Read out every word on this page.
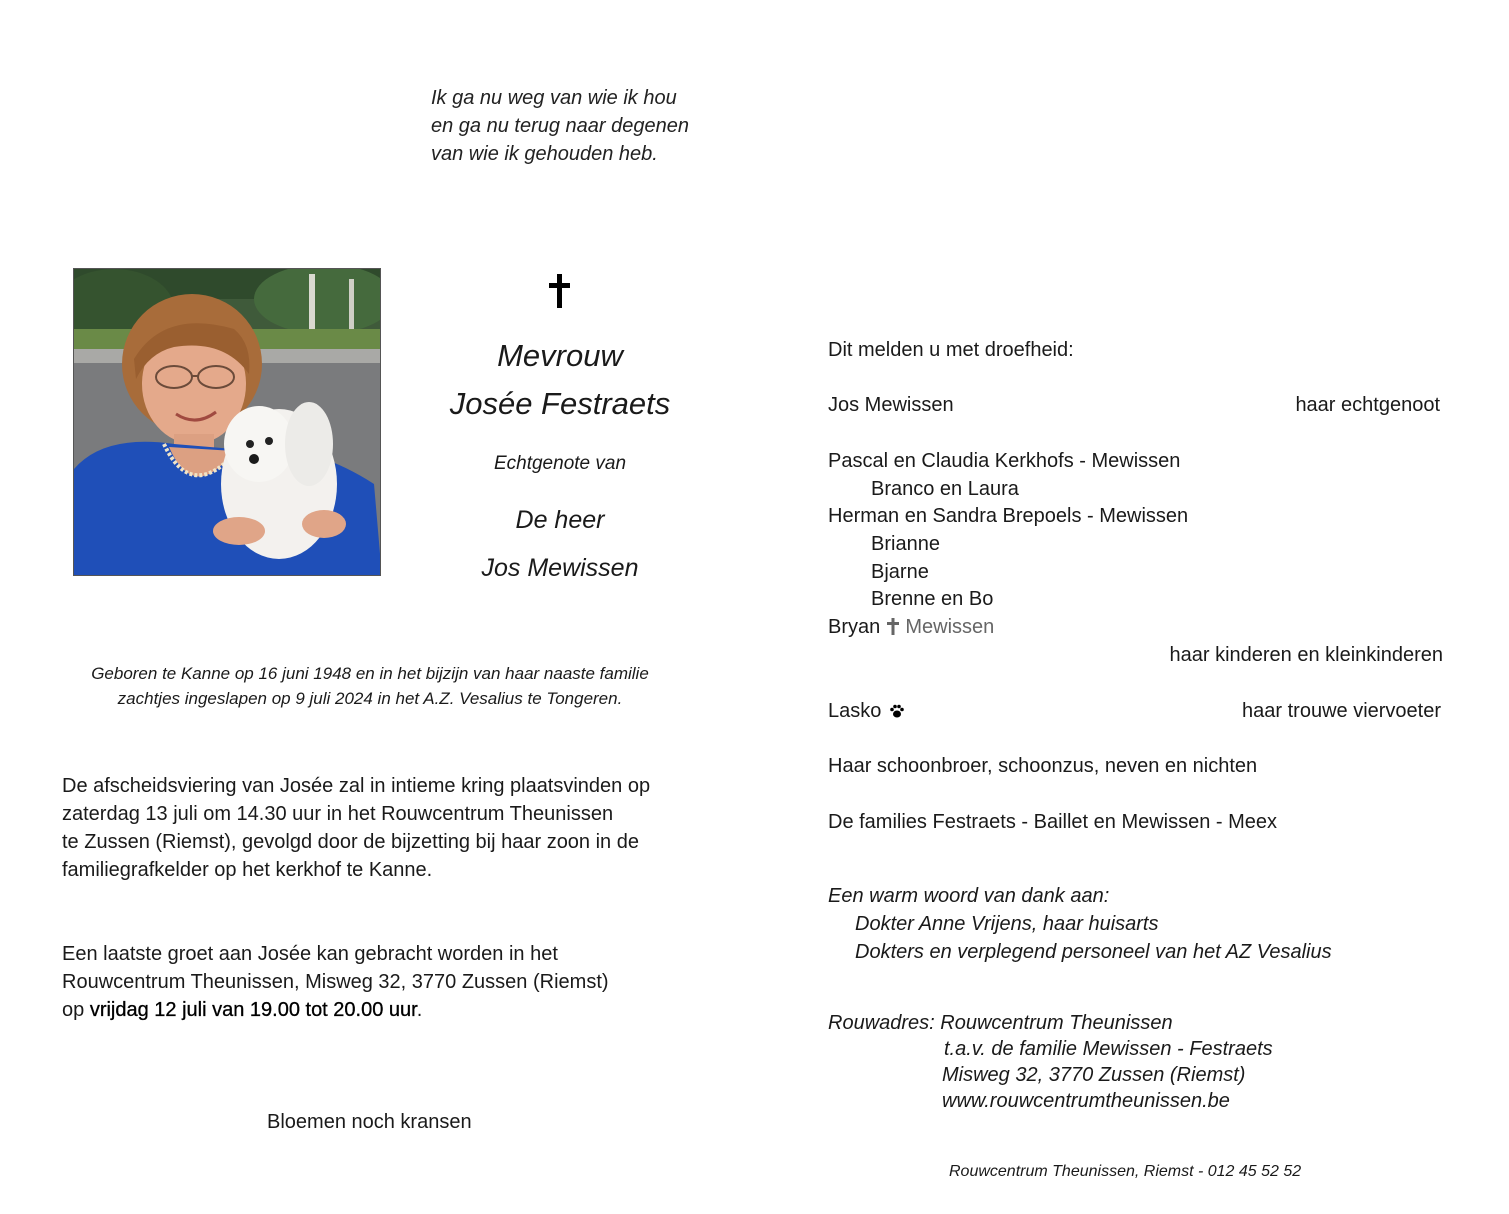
Ik ga nu weg van wie ik hou
en ga nu terug naar degenen
van wie ik gehouden heb.
Mevrouw
Josée Festraets
Echtgenote van
De heer
Jos Mewissen
Geboren te Kanne op 16 juni 1948 en in het bijzijn van haar naaste familie
zachtjes ingeslapen op 9 juli 2024 in het A.Z. Vesalius te Tongeren.
De afscheidsviering van Josée zal in intieme kring plaatsvinden op
zaterdag 13 juli om 14.30 uur in het Rouwcentrum Theunissen
te Zussen (Riemst), gevolgd door de bijzetting bij haar zoon in de
familiegrafkelder op het kerkhof te Kanne.
Een laatste groet aan Josée kan gebracht worden in het
Rouwcentrum Theunissen, Misweg 32, 3770 Zussen (Riemst)
op vrijdag 12 juli van 19.00 tot 20.00 uur.
Bloemen noch kransen
Dit melden u met droefheid:
Jos Mewissen	haar echtgenoot
Pascal en Claudia Kerkhofs - Mewissen
Branco en Laura
Herman en Sandra Brepoels - Mewissen
Brianne
Bjarne
Brenne en Bo
Bryan Mewissen
haar kinderen en kleinkinderen
Lasko	haar trouwe viervoeter
Haar schoonbroer, schoonzus, neven en nichten
De families Festraets - Baillet en Mewissen - Meex
Een warm woord van dank aan:
Dokter Anne Vrijens, haar huisarts
Dokters en verplegend personeel van het AZ Vesalius
Rouwadres: Rouwcentrum Theunissen
t.a.v. de familie Mewissen - Festraets
Misweg 32, 3770 Zussen (Riemst)
www.rouwcentrumtheunissen.be
Rouwcentrum Theunissen, Riemst - 012 45 52 52
